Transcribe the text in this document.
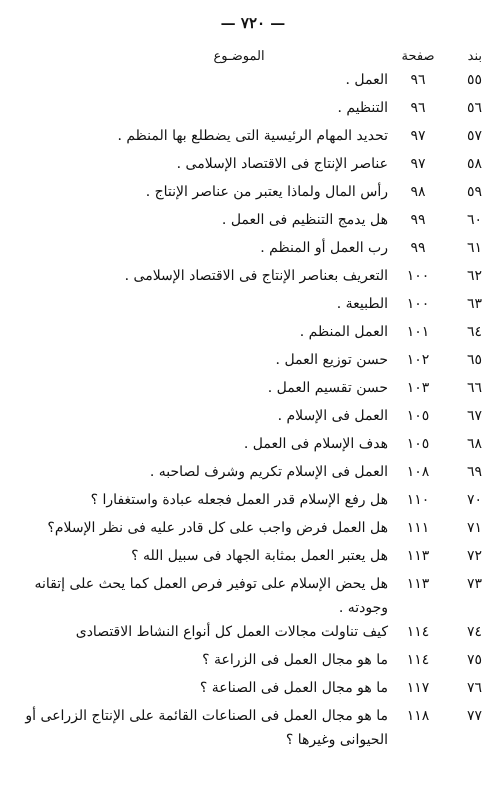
— ٧٢٠ —
بند
صفحة
الموضـوع
٥٥
٩٦
العمل .
٥٦
٩٦
التنظيم .
٥٧
٩٧
تحديد المهام الرئيسية التى يضطلع بها المنظم .
٥٨
٩٧
عناصر الإنتاج فى الاقتصاد الإسلامى .
٥٩
٩٨
رأس المال ولماذا يعتبر من عناصر الإنتاج .
٦٠
٩٩
هل يدمج التنظيم فى العمل .
٦١
٩٩
رب العمل أو المنظم .
٦٢
١٠٠
التعريف بعناصر الإنتاج فى الاقتصاد الإسلامى .
٦٣
١٠٠
الطبيعة .
٦٤
١٠١
العمل المنظم .
٦٥
١٠٢
حسن توزيع العمل .
٦٦
١٠٣
حسن تقسيم العمل .
٦٧
١٠٥
العمل فى الإسلام .
٦٨
١٠٥
هدف الإسلام فى العمل .
٦٩
١٠٨
العمل فى الإسلام تكريم وشرف لصاحبه .
٧٠
١١٠
هل رفع الإسلام قدر العمل فجعله عبادة واستغفارا ؟
٧١
١١١
هل العمل فرض واجب على كل قادر عليه فى نظر الإسلام؟
٧٢
١١٣
هل يعتبر العمل بمثابة الجهاد فى سبيل الله ؟
٧٣
١١٣
هل يحض الإسلام على توفير فرص العمل كما يحث على إتقانه وجودته .
٧٤
١١٤
كيف تناولت مجالات العمل كل أنواع النشاط الاقتصادى
٧٥
١١٤
ما هو مجال العمل فى الزراعة ؟
٧٦
١١٧
ما هو مجال العمل فى الصناعة ؟
٧٧
١١٨
ما هو مجال العمل فى الصناعات القائمة على الإنتاج الزراعى أو الحيوانى وغيرها ؟
